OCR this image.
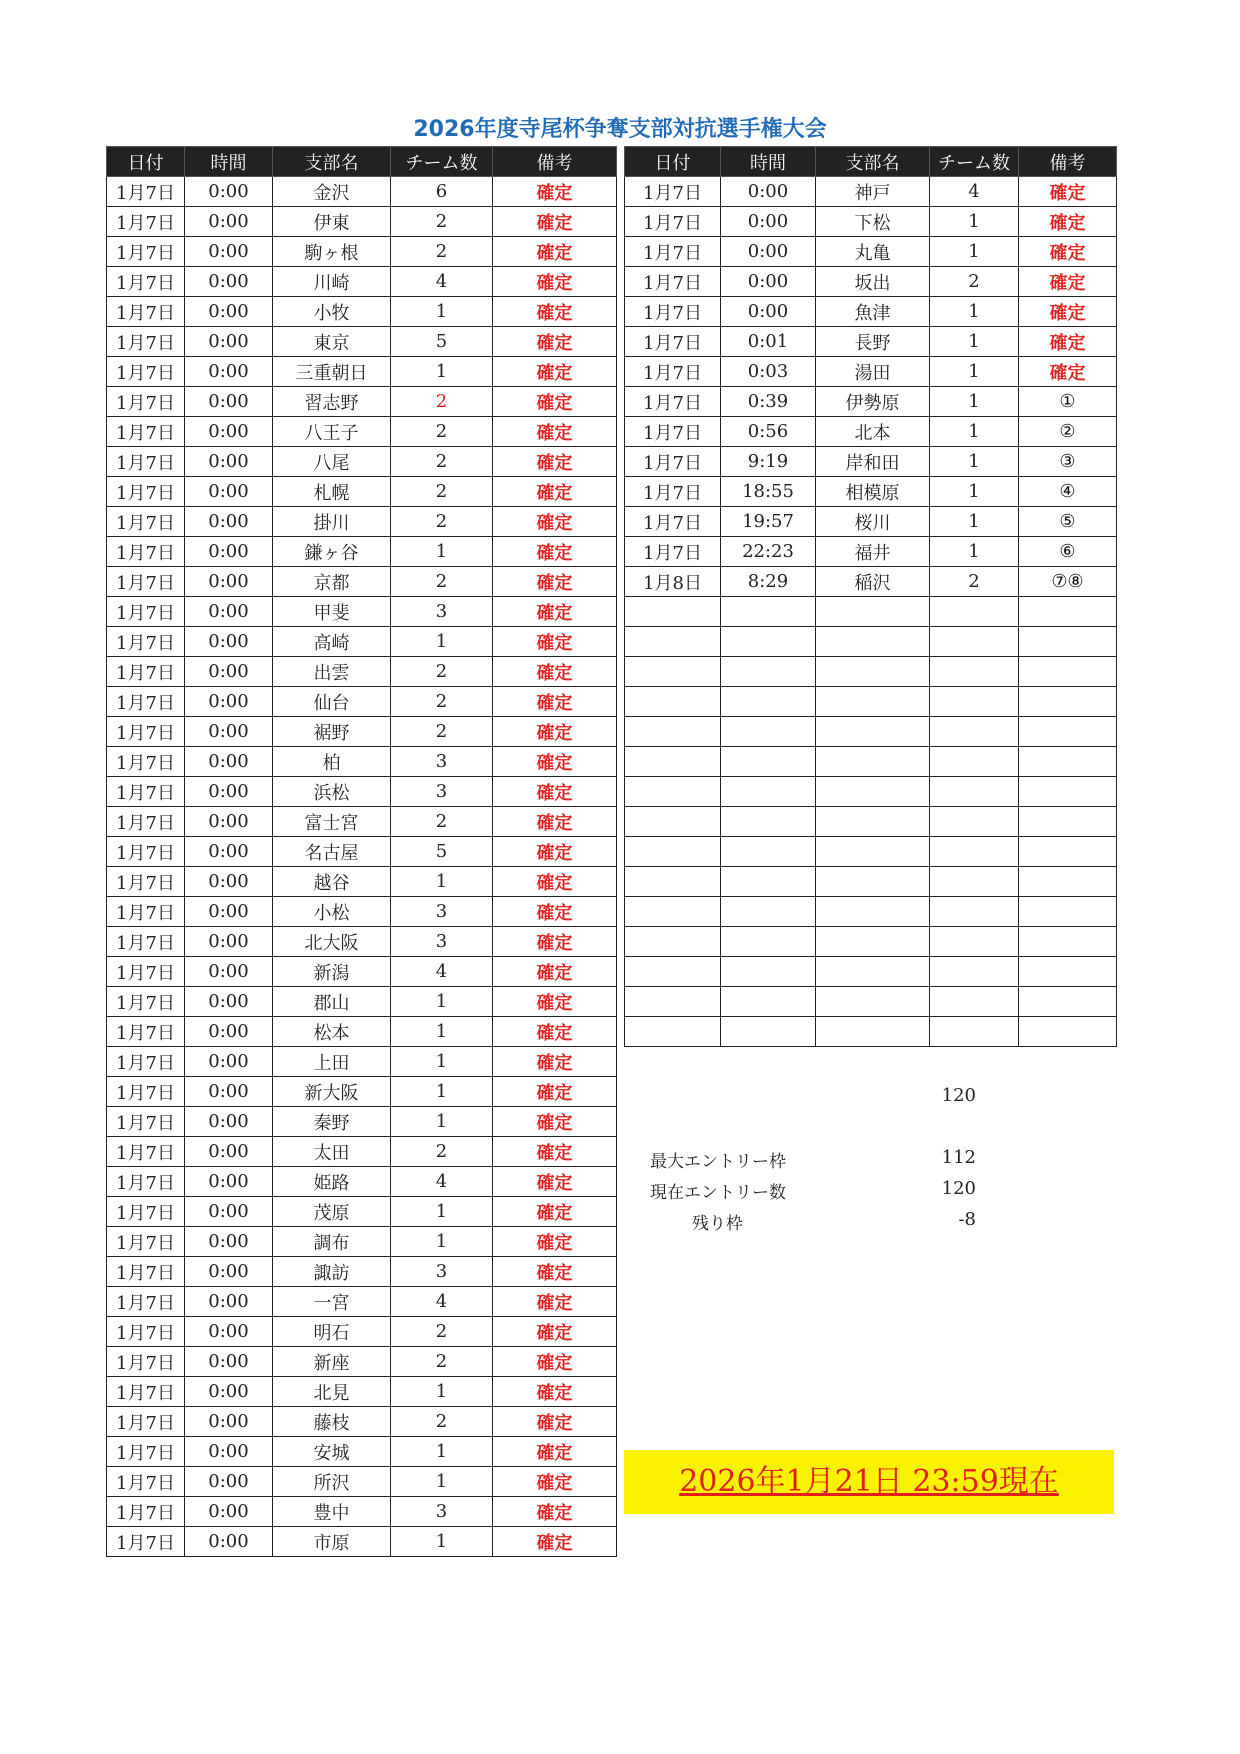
2026年度寺尾杯争奪支部対抗選手権大会
日付	時間	支部名	チーム数	備考
1月7日	0:00	金沢	6	確定
1月7日	0:00	伊東	2	確定
1月7日	0:00	駒ヶ根	2	確定
1月7日	0:00	川崎	4	確定
1月7日	0:00	小牧	1	確定
1月7日	0:00	東京	5	確定
1月7日	0:00	三重朝日	1	確定
1月7日	0:00	習志野	2	確定
1月7日	0:00	八王子	2	確定
1月7日	0:00	八尾	2	確定
1月7日	0:00	札幌	2	確定
1月7日	0:00	掛川	2	確定
1月7日	0:00	鎌ヶ谷	1	確定
1月7日	0:00	京都	2	確定
1月7日	0:00	甲斐	3	確定
1月7日	0:00	高崎	1	確定
1月7日	0:00	出雲	2	確定
1月7日	0:00	仙台	2	確定
1月7日	0:00	裾野	2	確定
1月7日	0:00	柏	3	確定
1月7日	0:00	浜松	3	確定
1月7日	0:00	富士宮	2	確定
1月7日	0:00	名古屋	5	確定
1月7日	0:00	越谷	1	確定
1月7日	0:00	小松	3	確定
1月7日	0:00	北大阪	3	確定
1月7日	0:00	新潟	4	確定
1月7日	0:00	郡山	1	確定
1月7日	0:00	松本	1	確定
1月7日	0:00	上田	1	確定
1月7日	0:00	新大阪	1	確定
1月7日	0:00	秦野	1	確定
1月7日	0:00	太田	2	確定
1月7日	0:00	姫路	4	確定
1月7日	0:00	茂原	1	確定
1月7日	0:00	調布	1	確定
1月7日	0:00	諏訪	3	確定
1月7日	0:00	一宮	4	確定
1月7日	0:00	明石	2	確定
1月7日	0:00	新座	2	確定
1月7日	0:00	北見	1	確定
1月7日	0:00	藤枝	2	確定
1月7日	0:00	安城	1	確定
1月7日	0:00	所沢	1	確定
1月7日	0:00	豊中	3	確定
1月7日	0:00	市原	1	確定
日付	時間	支部名	チーム数	備考
1月7日	0:00	神戸	4	確定
1月7日	0:00	下松	1	確定
1月7日	0:00	丸亀	1	確定
1月7日	0:00	坂出	2	確定
1月7日	0:00	魚津	1	確定
1月7日	0:01	長野	1	確定
1月7日	0:03	湯田	1	確定
1月7日	0:39	伊勢原	1	①
1月7日	0:56	北本	1	②
1月7日	9:19	岸和田	1	③
1月7日	18:55	相模原	1	④
1月7日	19:57	桜川	1	⑤
1月7日	22:23	福井	1	⑥
1月8日	8:29	稲沢	2	⑦⑧

120
最大エントリー枠	112
現在エントリー数	120
残り枠	-8
2026年1月21日 23:59現在
